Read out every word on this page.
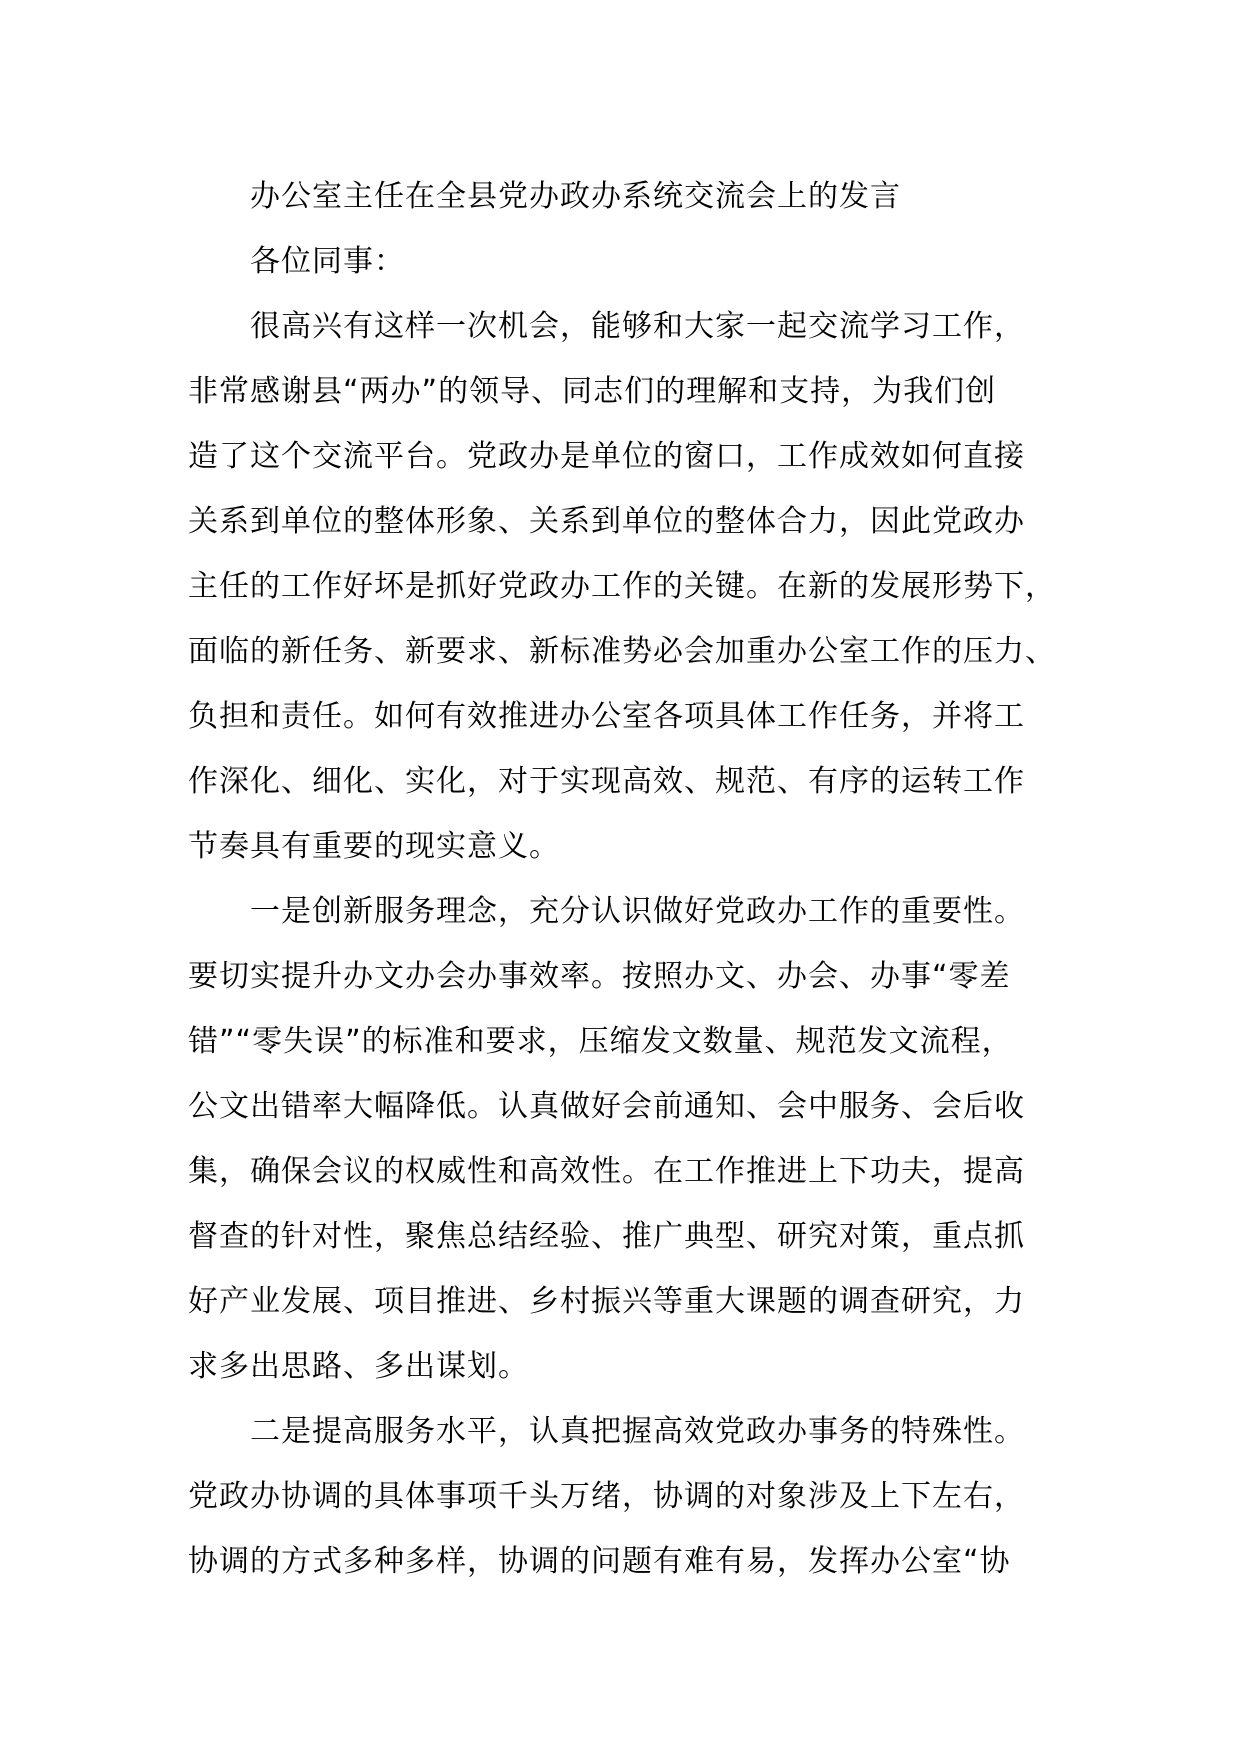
办公室主任在全县党办政办系统交流会上的发言
各位同事：
很高兴有这样一次机会，能够和大家一起交流学习工作，
非常感谢县“两办”的领导、同志们的理解和支持，为我们创
造了这个交流平台。党政办是单位的窗口，工作成效如何直接
关系到单位的整体形象、关系到单位的整体合力，因此党政办
主任的工作好坏是抓好党政办工作的关键。在新的发展形势下，
面临的新任务、新要求、新标准势必会加重办公室工作的压力、
负担和责任。如何有效推进办公室各项具体工作任务，并将工
作深化、细化、实化，对于实现高效、规范、有序的运转工作
节奏具有重要的现实意义。
一是创新服务理念，充分认识做好党政办工作的重要性。
要切实提升办文办会办事效率。按照办文、办会、办事“零差
错”“零失误”的标准和要求，压缩发文数量、规范发文流程，
公文出错率大幅降低。认真做好会前通知、会中服务、会后收
集，确保会议的权威性和高效性。在工作推进上下功夫，提高
督查的针对性，聚焦总结经验、推广典型、研究对策，重点抓
好产业发展、项目推进、乡村振兴等重大课题的调查研究，力
求多出思路、多出谋划。
二是提高服务水平，认真把握高效党政办事务的特殊性。
党政办协调的具体事项千头万绪，协调的对象涉及上下左右，
协调的方式多种多样，协调的问题有难有易，发挥办公室“协
